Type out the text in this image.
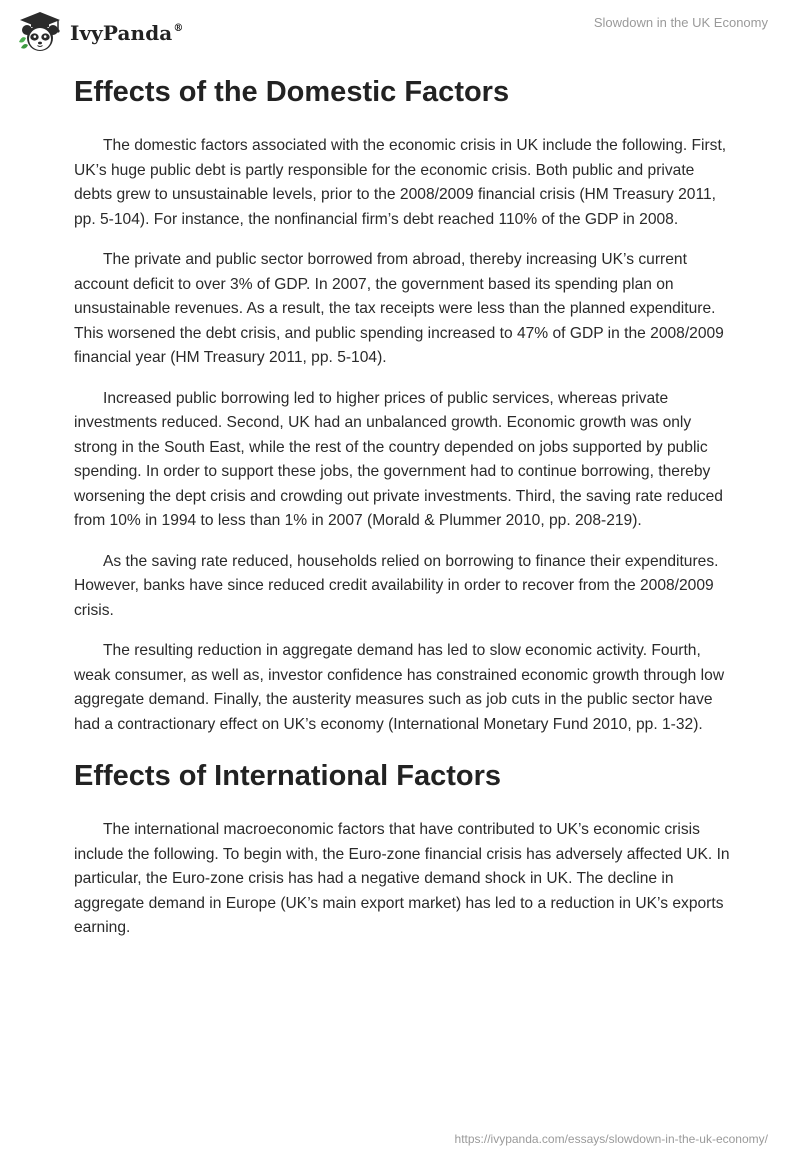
IvyPanda®	Slowdown in the UK Economy
Effects of the Domestic Factors

The domestic factors associated with the economic crisis in UK include the following. First, UK’s huge public debt is partly responsible for the economic crisis. Both public and private debts grew to unsustainable levels, prior to the 2008/2009 financial crisis (HM Treasury 2011, pp. 5-104). For instance, the nonfinancial firm’s debt reached 110% of the GDP in 2008.

The private and public sector borrowed from abroad, thereby increasing UK’s current account deficit to over 3% of GDP. In 2007, the government based its spending plan on unsustainable revenues. As a result, the tax receipts were less than the planned expenditure. This worsened the debt crisis, and public spending increased to 47% of GDP in the 2008/2009 financial year (HM Treasury 2011, pp. 5-104).

Increased public borrowing led to higher prices of public services, whereas private investments reduced. Second, UK had an unbalanced growth. Economic growth was only strong in the South East, while the rest of the country depended on jobs supported by public spending. In order to support these jobs, the government had to continue borrowing, thereby worsening the dept crisis and crowding out private investments. Third, the saving rate reduced from 10% in 1994 to less than 1% in 2007 (Morald & Plummer 2010, pp. 208-219).

As the saving rate reduced, households relied on borrowing to finance their expenditures. However, banks have since reduced credit availability in order to recover from the 2008/2009 crisis.

The resulting reduction in aggregate demand has led to slow economic activity. Fourth, weak consumer, as well as, investor confidence has constrained economic growth through low aggregate demand. Finally, the austerity measures such as job cuts in the public sector have had a contractionary effect on UK’s economy (International Monetary Fund 2010, pp. 1-32).

Effects of International Factors

The international macroeconomic factors that have contributed to UK’s economic crisis include the following. To begin with, the Euro-zone financial crisis has adversely affected UK. In particular, the Euro-zone crisis has had a negative demand shock in UK. The decline in aggregate demand in Europe (UK’s main export market) has led to a reduction in UK’s exports earning.

https://ivypanda.com/essays/slowdown-in-the-uk-economy/
